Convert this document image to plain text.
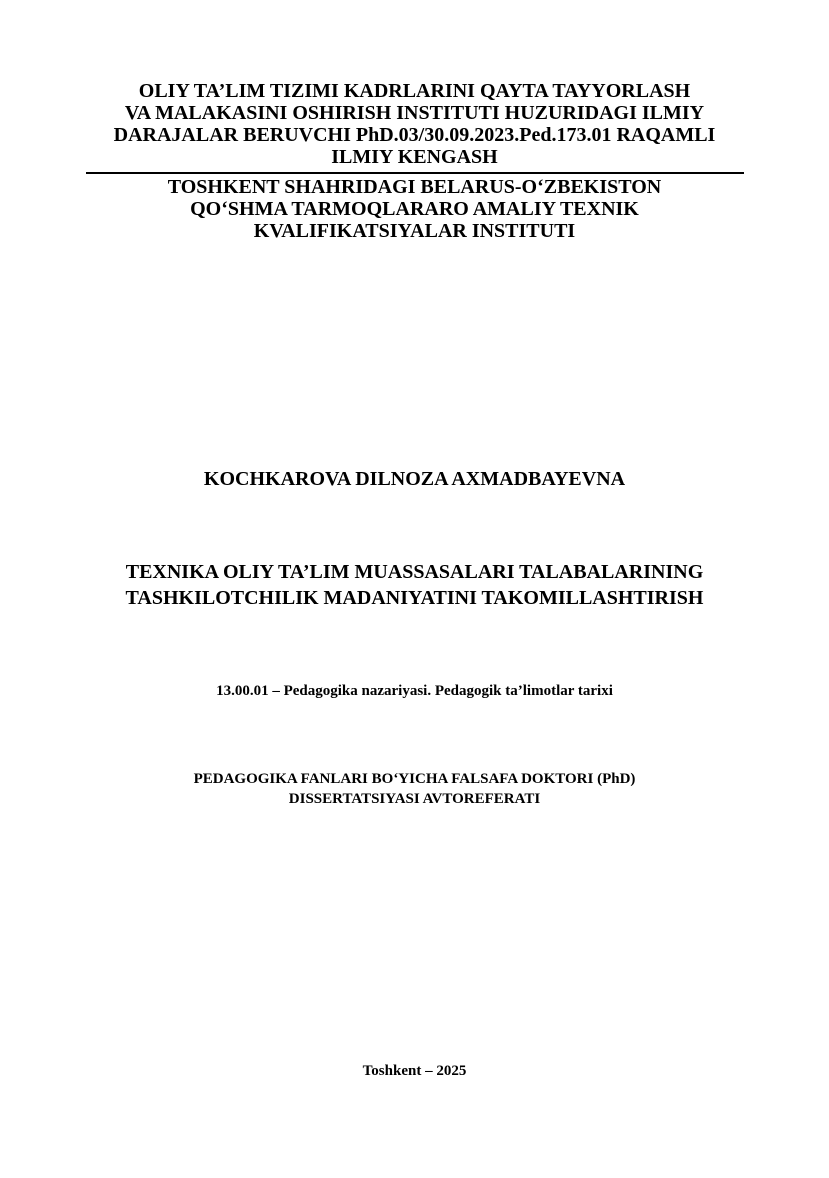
OLIY TA’LIM TIZIMI KADRLARINI QAYTA TAYYORLASH
VA MALAKASINI OSHIRISH INSTITUTI HUZURIDAGI ILMIY
DARAJALAR BERUVCHI PhD.03/30.09.2023.Ped.173.01 RAQAMLI
ILMIY KENGASH
TOSHKENT SHAHRIDAGI BELARUS-O‘ZBEKISTON
QO‘SHMA TARMOQLARARO AMALIY TEXNIK
KVALIFIKATSIYALAR INSTITUTI
KOCHKAROVA DILNOZA AXMADBAYEVNA
TEXNIKA OLIY TA’LIM MUASSASALARI TALABALARINING
TASHKILOTCHILIK MADANIYATINI TAKOMILLASHTIRISH
13.00.01 – Pedagogika nazariyasi. Pedagogik ta’limotlar tarixi
PEDAGOGIKA FANLARI BO‘YICHA FALSAFA DOKTORI (PhD)
DISSERTATSIYASI AVTOREFERATI
Toshkent – 2025
